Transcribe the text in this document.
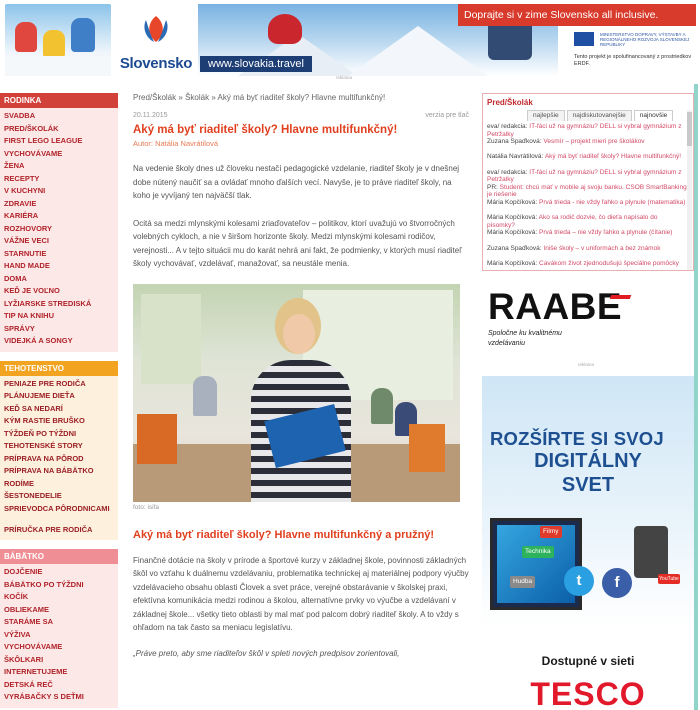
Slovensko	www.slovakia.travel
Doprajte si v zime Slovensko all inclusive.
MINISTERSTVO DOPRAVY, VÝSTAVBY A REGIONÁLNEHO ROZVOJA SLOVENSKEJ REPUBLIKY
Tento projekt je spolufinancovaný z prostriedkov ERDF.
reklama
RODINKA
SVADBA
PRED/ŠKOLÁK
FIRST LEGO LEAGUE
VYCHOVÁVAME
ŽENA
RECEPTY
V KUCHYNI
ZDRAVIE
KARIÉRA
ROZHOVORY
VÁŽNE VECI
STARNUTIE
HAND MADE
DOMA
KEĎ JE VOĽNO
LYŽIARSKE STREDISKÁ
TIP NA KNIHU
SPRÁVY
VIDEJKÁ A SONGY
TEHOTENSTVO
PENIAZE PRE RODIČA
PLÁNUJEME DIEŤA
KEĎ SA NEDARÍ
KÝM RASTIE BRUŠKO
TÝŽDEŇ PO TÝŽDNI
TEHOTENSKÉ STORY
PRÍPRAVA NA PÔROD
PRÍPRAVA NA BÁBÄTKO
RODÍME
ŠESTONEDELIE
SPRIEVODCA PÔRODNICAMI
PRÍRUČKA PRE RODIČA
BÁBÄTKO
DOJČENIE
BÁBÄTKO PO TÝŽDNI
KOČÍK
OBLIEKAME
STARÁME SA
VÝŽIVA
VYCHOVÁVAME
ŠKÔLKARI
INTERNETUJEME
DETSKÁ REČ
VYRÁBAČKY S DEŤMI
Pred/Školák » Školák » Aký má byť riaditeľ školy? Hlavne multifunkčný!
20.11.2015	verzia pre tlač
Aký má byť riaditeľ školy? Hlavne multifunkčný!
Autor: Natália Navrátilová
Na vedenie školy dnes už človeku nestačí pedagogické vzdelanie, riaditeľ školy je v dnešnej dobe nútený naučiť sa a ovládať mnoho ďalších vecí. Navyše, je to práve riaditeľ školy, na koho je vyvíjaný ten najväčší tlak.
Ocitá sa medzi mlynskými kolesami zriaďovateľov – politikov, ktorí uvažujú vo štvorročných volebných cykloch, a nie v širšom horizonte školy. Medzi mlynskými kolesami rodičov, verejnosti... A v tejto situácii mu do karát nehrá ani fakt, že podmienky, v ktorých musí riaditeľ školy vychovávať, vzdelávať, manažovať, sa neustále menia.
foto: isifa
Aký má byť riaditeľ školy? Hlavne multifunkčný a pružný!
Finančné dotácie na školy v prírode a športové kurzy v základnej škole, povinnosti základných škôl vo vzťahu k duálnemu vzdelávaniu, problematika technickej aj materiálnej podpory výučby vzdelávacieho obsahu oblasti Človek a svet práce, verejné obstarávanie v školskej praxi, efektívna komunikácia medzi rodinou a školou, alternatívne prvky vo výučbe a vzdelávaní v základnej škole... všetky tieto oblasti by mal mať pod palcom dobrý riaditeľ školy. A to vždy s ohľadom na tak často sa meniacu legislatívu.
„Práve preto, aby sme riaditeľov škôl v spleti nových predpisov zorientovali,
Pred/Školák
najlepšie	najdiskutovanejšie	najnovšie
eva/ redakcia: IT-fáci už na gymnáziu? DELL si vybral gymnázium z Petržalky
Zuzana Spaďková: Vesmír – projekt mieri pre školákov
Natália Navrátilová: Aký má byť riaditeľ školy? Hlavne multifunkčný!
eva/ redakcia: IT-fáci už na gymnáziu? DELL si vybral gymnázium z Petržalky
PR: Študent: chcú mať v mobile aj svoju banku. ČSOB SmartBanking je riešenie
Mária Kopčíková: Prvá trieda - nie vždy ľahko a plynule (matematika)
Mária Kopčíková: Ako sa rodič dozvie, čo dieťa napísalo do písomky?
Mária Kopčíková: Prvá trieda – nie vždy ľahko a plynule (čítanie)
Zuzana Spaďková: Iniše školy – v uniformách a bez známok
Mária Kopčíková: Cavákom život zjednodušujú špeciálne pomôcky
RAABE
Spoločne ku kvalitnému
vzdelávaniu
reklama
ROZŠÍRTE SI SVOJ
DIGITÁLNY
SVET
Technika
Hudba
Filmy
t	f	YouTube
Dostupné v sieti
TESCO
